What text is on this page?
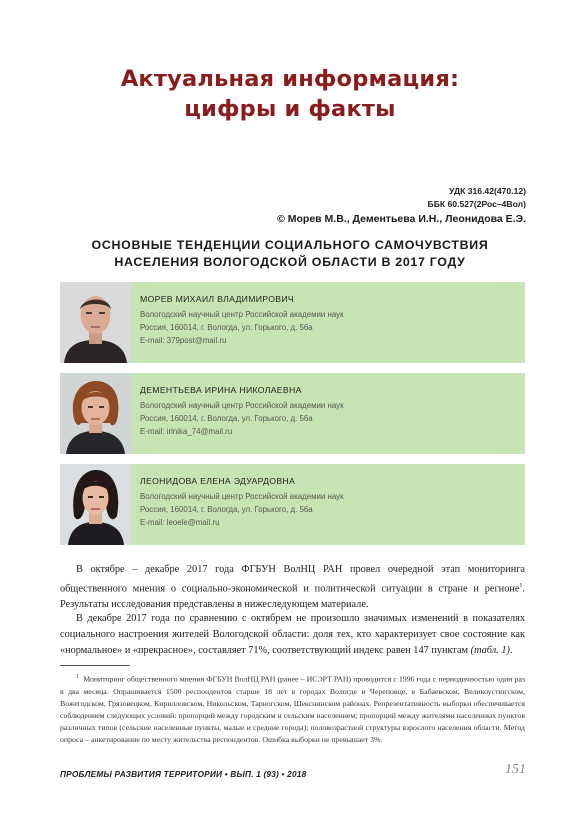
Актуальная информация:
цифры и факты
УДК 316.42(470.12)
ББК 60.527(2Рос–4Вол)
© Морев М.В., Дементьева И.Н., Леонидова Е.Э.
ОСНОВНЫЕ ТЕНДЕНЦИИ СОЦИАЛЬНОГО САМОЧУВСТВИЯ
НАСЕЛЕНИЯ ВОЛОГОДСКОЙ ОБЛАСТИ В 2017 ГОДУ
МОРЕВ МИХАИЛ ВЛАДИМИРОВИЧ
Вологодский научный центр Российской академии наук
Россия, 160014, г. Вологда, ул. Горького, д. 56а
E-mail: 379post@mail.ru
ДЕМЕНТЬЕВА ИРИНА НИКОЛАЕВНА
Вологодский научный центр Российской академии наук
Россия, 160014, г. Вологда, ул. Горького, д. 56а
E-mail: irinika_74@mail.ru
ЛЕОНИДОВА ЕЛЕНА ЭДУАРДОВНА
Вологодский научный центр Российской академии наук
Россия, 160014, г. Вологда, ул. Горького, д. 56а
E-mail: leoele@mail.ru

В октябре – декабре 2017 года ФГБУН ВолНЦ РАН провел очередной этап мониторинга общественного мнения о социально-экономической и политической ситуации в стране и регионе$^1$. Результаты исследования представлены в нижеследующем материале.

В декабре 2017 года по сравнению с октябрем не произошло значимых изменений в показателях социального настроения жителей Вологодской области: доля тех, кто характеризует свое состояние как «нормальное» и «прекрасное», составляет 71%, соответствующий индекс равен 147 пунктам (табл. 1).

$^1$ Мониторинг общественного мнения ФГБУН ВолНЦ РАН (ранее – ИСЭРТ РАН) проводится с 1996 года с периодичностью один раз в два месяца. Опрашивается 1500 респондентов старше 18 лет в городах Вологде и Череповце, в Бабаевском, Великоустюгском, Вожегодском, Грязовецком, Кирилловском, Никольском, Тарногском, Шекснинском районах. Репрезентативность выборки обеспечивается соблюдением следующих условий: пропорций между городским и сельским населением; пропорций между жителями населенных пунктов различных типов (сельские населенные пункты, малые и средние города); половозрастной структуры взрослого населения области. Метод опроса – анкетирование по месту жительства респондентов. Ошибка выборки не превышает 3%.

ПРОБЛЕМЫ РАЗВИТИЯ ТЕРРИТОРИИ • ВЫП. 1 (93) • 2018	151
